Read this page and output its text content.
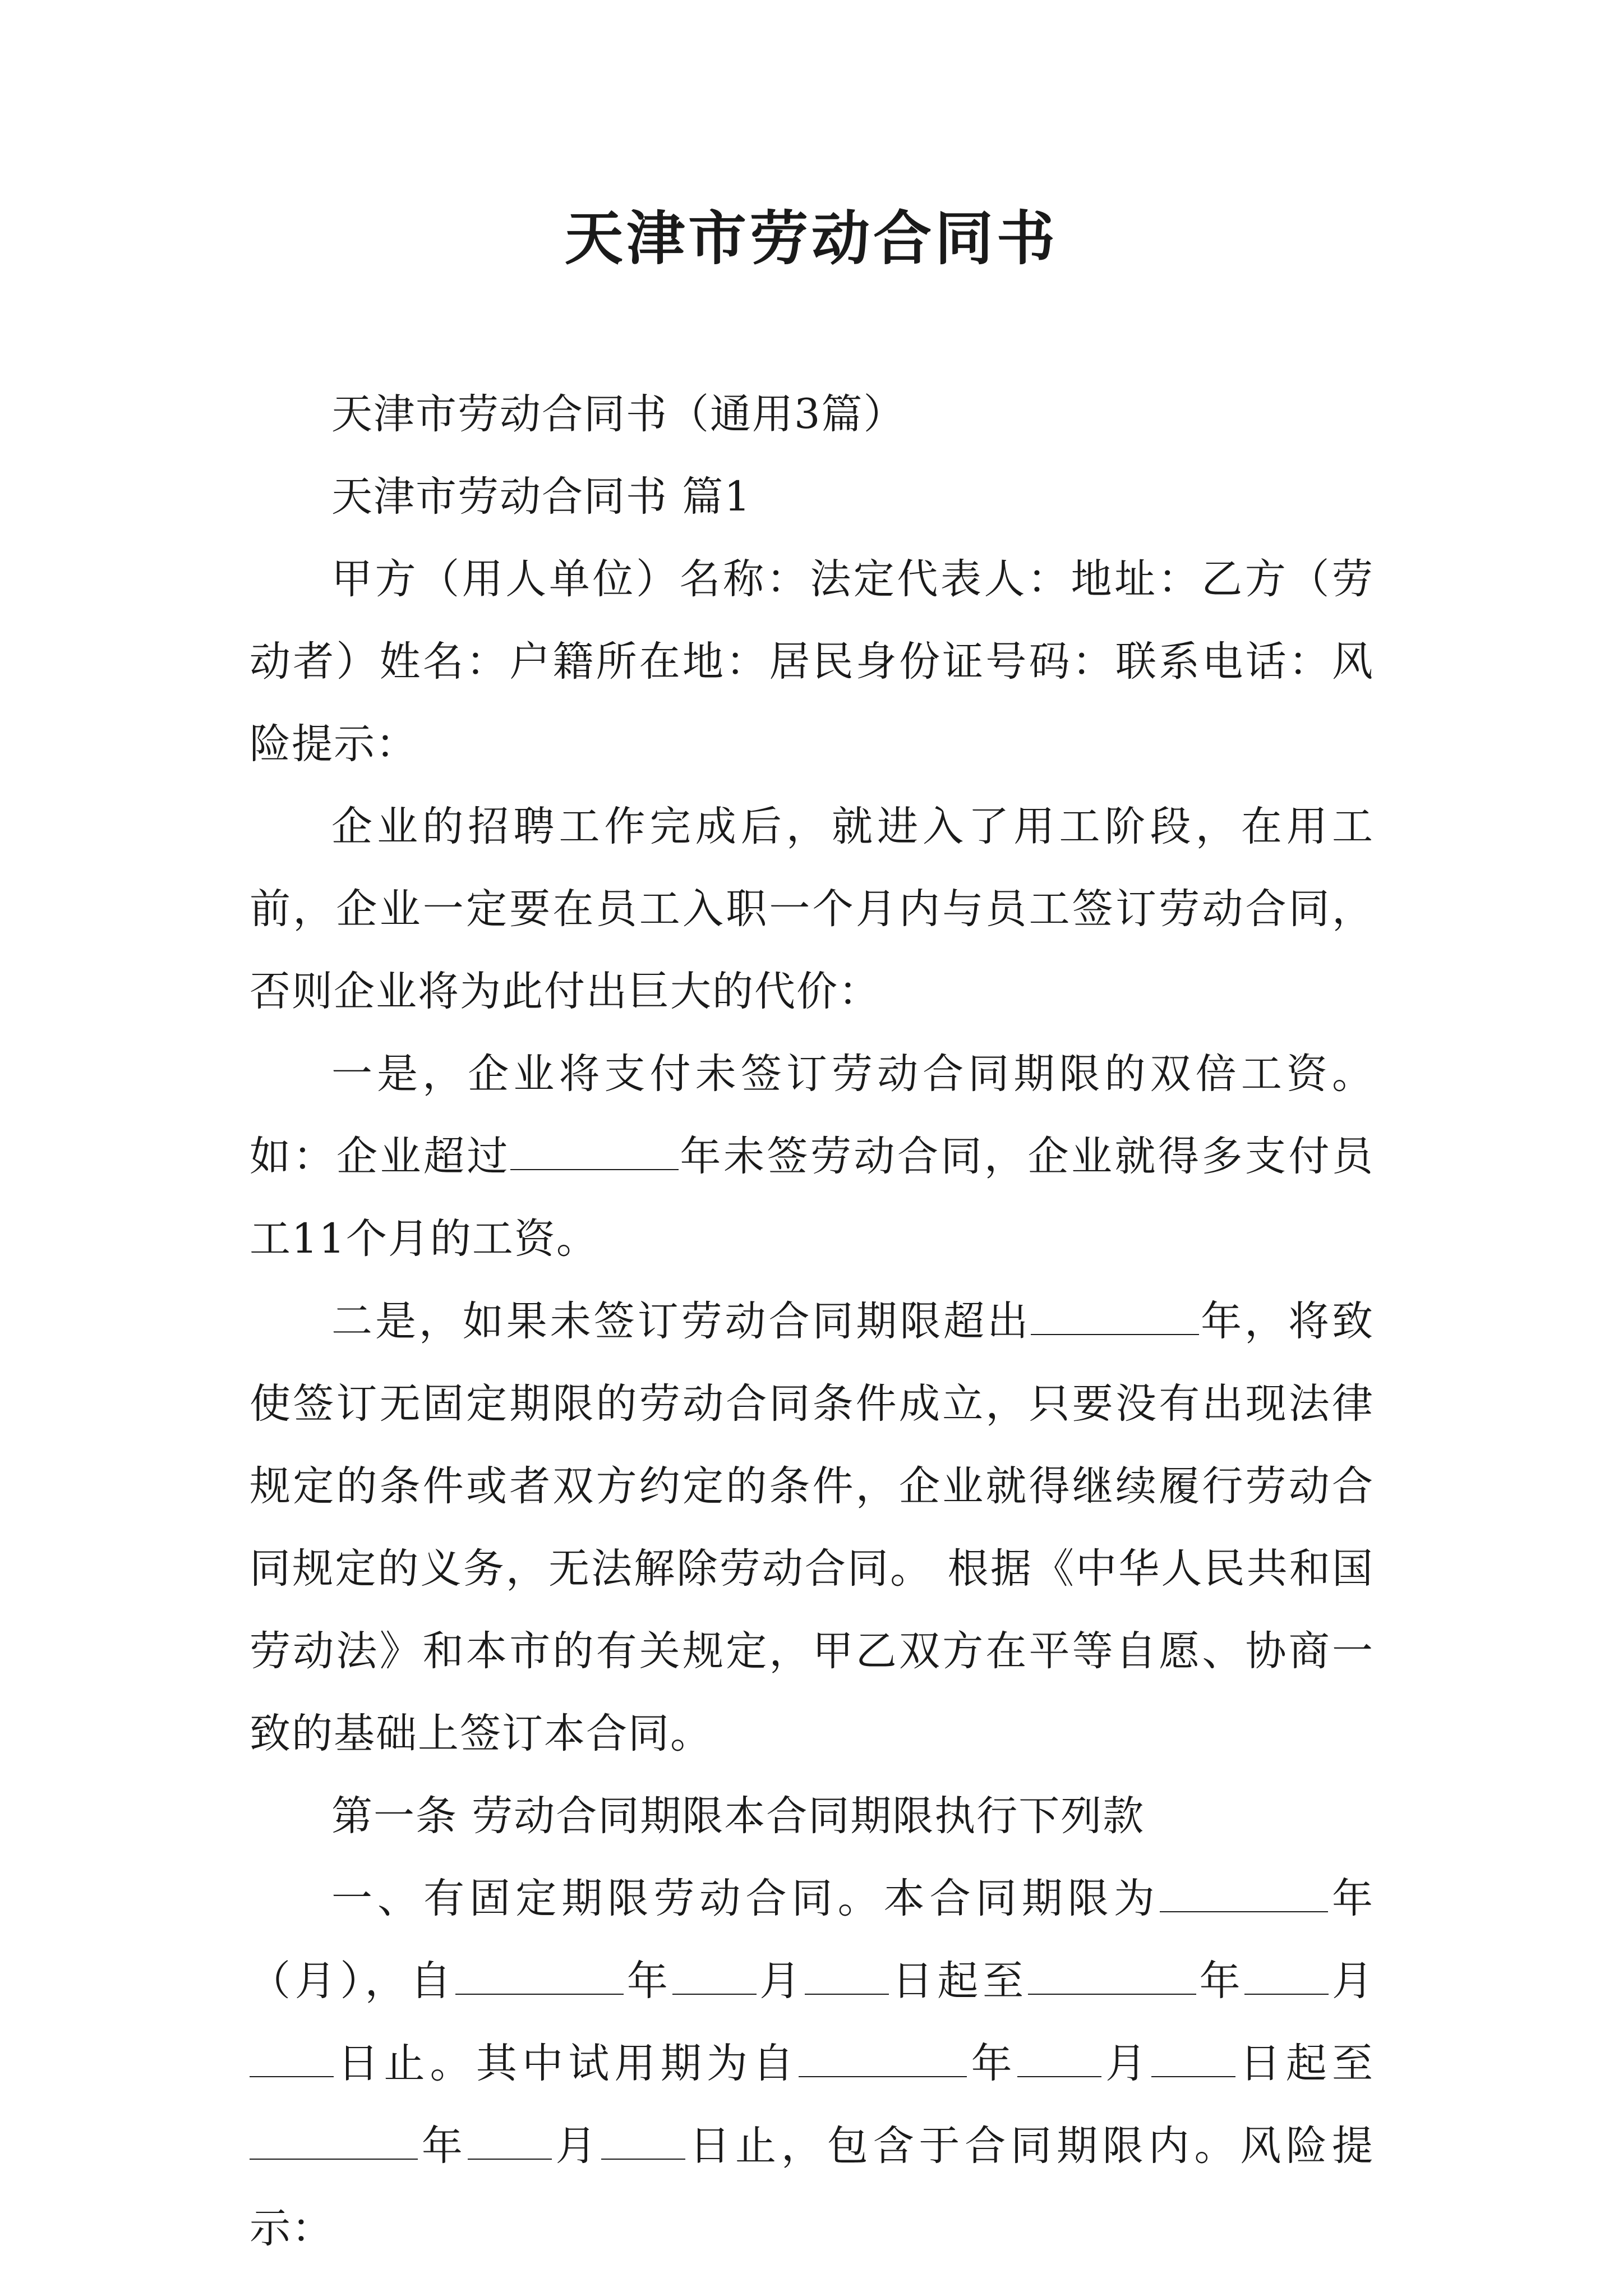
天津市劳动合同书

天津市劳动合同书（通用3篇）

天津市劳动合同书 篇1

甲方（用人单位）名称：法定代表人：地址：乙方（劳动者）姓名：户籍所在地：居民身份证号码：联系电话：风险提示：

企业的招聘工作完成后，就进入了用工阶段，在用工前，企业一定要在员工入职一个月内与员工签订劳动合同，否则企业将为此付出巨大的代价：

一是，企业将支付未签订劳动合同期限的双倍工资。如：企业超过	年未签劳动合同，企业就得多支付员工11个月的工资。

二是，如果未签订劳动合同期限超出	年，将致使签订无固定期限的劳动合同条件成立，只要没有出现法律规定的条件或者双方约定的条件，企业就得继续履行劳动合同规定的义务，无法解除劳动合同。 根据《中华人民共和国劳动法》和本市的有关规定，甲乙双方在平等自愿、协商一致的基础上签订本合同。

第一条 劳动合同期限本合同期限执行下列款

一、有固定期限劳动合同。本合同期限为	年（月），自	年 月 日起至	年 月日止。其中试用期为自	年 月 日起至年 月 日止，包含于合同期限内。风险提示：
